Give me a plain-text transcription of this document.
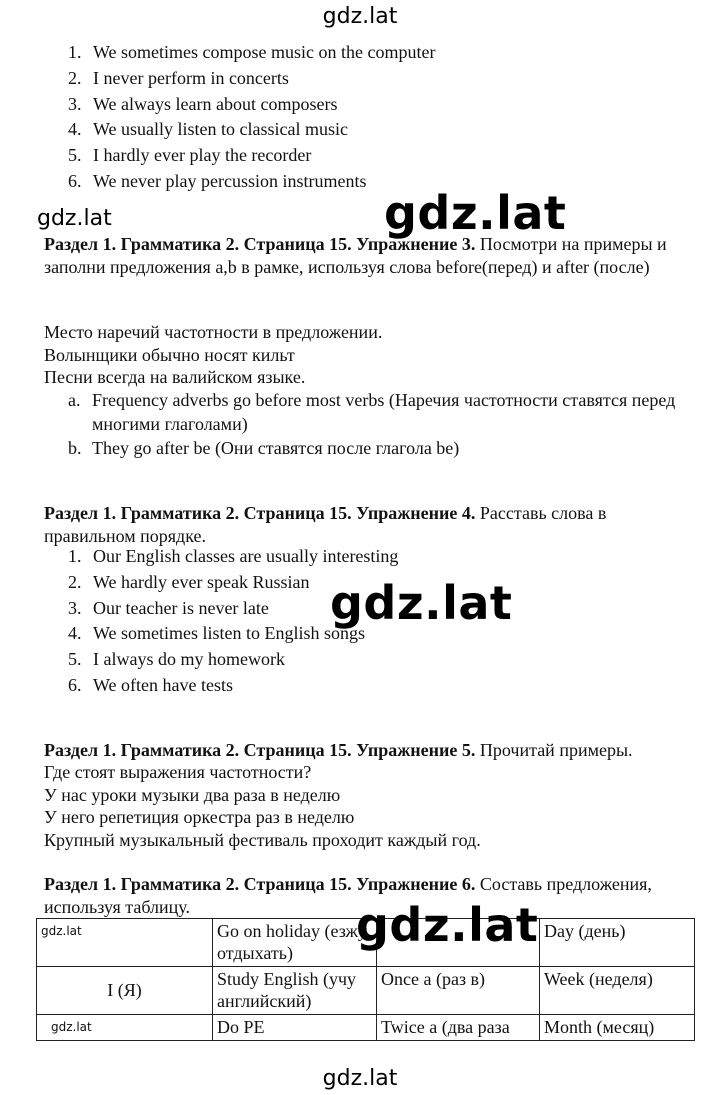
gdz.lat
1. We sometimes compose music on the computer
2. I never perform in concerts
3. We always learn about composers
4. We usually listen to classical music
5. I hardly ever play the recorder
6. We never play percussion instruments
gdz.lat
Раздел 1. Грамматика 2. Страница 15. Упражнение 3. Посмотри на примеры и заполни предложения a,b в рамке, используя слова before(перед) и after (после)
gdz.lat
Место наречий частотности в предложении.
Волынщики обычно носят кильт
Песни всегда на валийском языке.
a. Frequency adverbs go before most verbs (Наречия частотности ставятся перед многими глаголами)
b. They go after be (Они ставятся после глагола be)
Раздел 1. Грамматика 2. Страница 15. Упражнение 4. Расставь слова в правильном порядке.
1. Our English classes are usually interesting
2. We hardly ever speak Russian
3. Our teacher is never late
4. We sometimes listen to English songs
5. I always do my homework
6. We often have tests
gdz.lat
Раздел 1. Грамматика 2. Страница 15. Упражнение 5. Прочитай примеры.
Где стоят выражения частотности?
У нас уроки музыки два раза в неделю
У него репетиция оркестра раз в неделю
Крупный музыкальный фестиваль проходит каждый год.
Раздел 1. Грамматика 2. Страница 15. Упражнение 6. Составь предложения, используя таблицу.
gdz.lat	Go on holiday (езжу отдыхать)		Day (день)
I (Я)	Study English (учу английский)	Once a (раз в)	Week (неделя)
gdz.lat	Do PE	Twice a (два раза	Month (месяц)
gdz.lat
gdz.lat
